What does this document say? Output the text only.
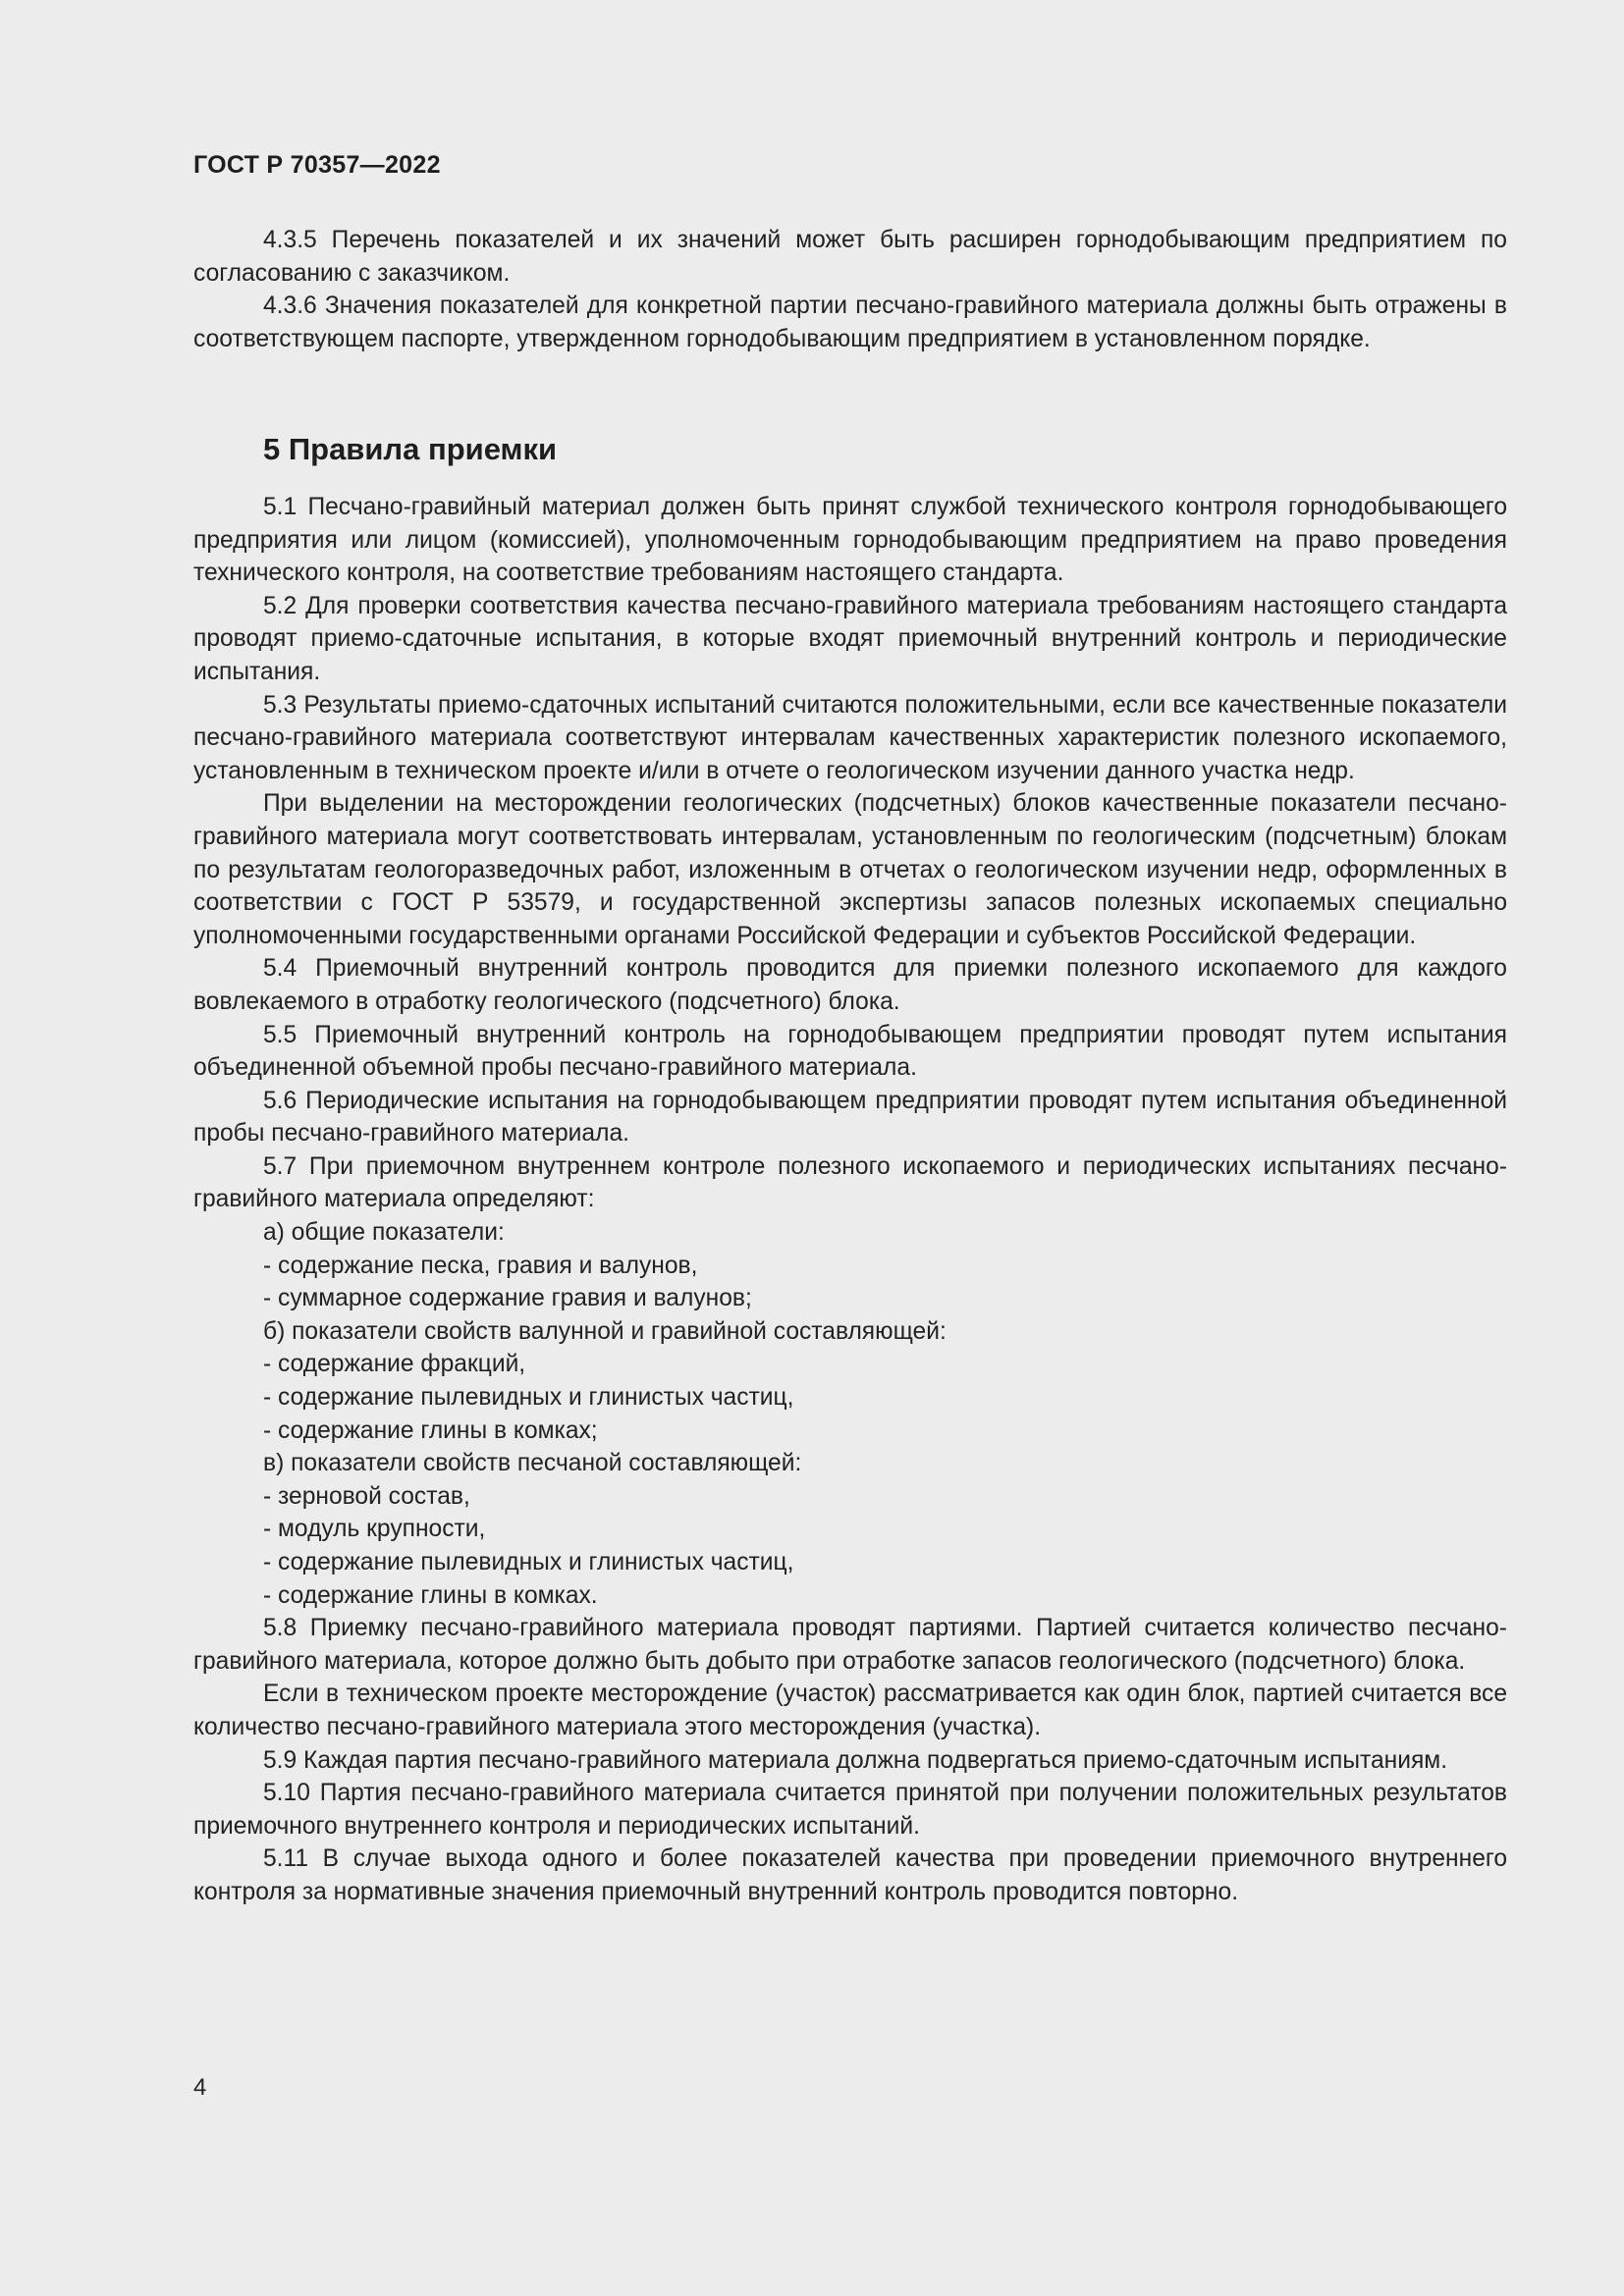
ГОСТ Р 70357—2022

4.3.5 Перечень показателей и их значений может быть расширен горнодобывающим предприятием по согласованию с заказчиком.

4.3.6 Значения показателей для конкретной партии песчано-гравийного материала должны быть отражены в соответствующем паспорте, утвержденном горнодобывающим предприятием в установленном порядке.

5 Правила приемки

5.1 Песчано-гравийный материал должен быть принят службой технического контроля горнодобывающего предприятия или лицом (комиссией), уполномоченным горнодобывающим предприятием на право проведения технического контроля, на соответствие требованиям настоящего стандарта.

5.2 Для проверки соответствия качества песчано-гравийного материала требованиям настоящего стандарта проводят приемо-сдаточные испытания, в которые входят приемочный внутренний контроль и периодические испытания.

5.3 Результаты приемо-сдаточных испытаний считаются положительными, если все качественные показатели песчано-гравийного материала соответствуют интервалам качественных характеристик полезного ископаемого, установленным в техническом проекте и/или в отчете о геологическом изучении данного участка недр.

При выделении на месторождении геологических (подсчетных) блоков качественные показатели песчано-гравийного материала могут соответствовать интервалам, установленным по геологическим (подсчетным) блокам по результатам геологоразведочных работ, изложенным в отчетах о геологическом изучении недр, оформленных в соответствии с ГОСТ Р 53579, и государственной экспертизы запасов полезных ископаемых специально уполномоченными государственными органами Российской Федерации и субъектов Российской Федерации.

5.4 Приемочный внутренний контроль проводится для приемки полезного ископаемого для каждого вовлекаемого в отработку геологического (подсчетного) блока.

5.5 Приемочный внутренний контроль на горнодобывающем предприятии проводят путем испытания объединенной объемной пробы песчано-гравийного материала.

5.6 Периодические испытания на горнодобывающем предприятии проводят путем испытания объединенной пробы песчано-гравийного материала.

5.7 При приемочном внутреннем контроле полезного ископаемого и периодических испытаниях песчано-гравийного материала определяют:

а) общие показатели:

- содержание песка, гравия и валунов,

- суммарное содержание гравия и валунов;

б) показатели свойств валунной и гравийной составляющей:

- содержание фракций,

- содержание пылевидных и глинистых частиц,

- содержание глины в комках;

в) показатели свойств песчаной составляющей:

- зерновой состав,

- модуль крупности,

- содержание пылевидных и глинистых частиц,

- содержание глины в комках.

5.8 Приемку песчано-гравийного материала проводят партиями. Партией считается количество песчано-гравийного материала, которое должно быть добыто при отработке запасов геологического (подсчетного) блока.

Если в техническом проекте месторождение (участок) рассматривается как один блок, партией считается все количество песчано-гравийного материала этого месторождения (участка).

5.9 Каждая партия песчано-гравийного материала должна подвергаться приемо-сдаточным испытаниям.

5.10 Партия песчано-гравийного материала считается принятой при получении положительных результатов приемочного внутреннего контроля и периодических испытаний.

5.11 В случае выхода одного и более показателей качества при проведении приемочного внутреннего контроля за нормативные значения приемочный внутренний контроль проводится повторно.

4
